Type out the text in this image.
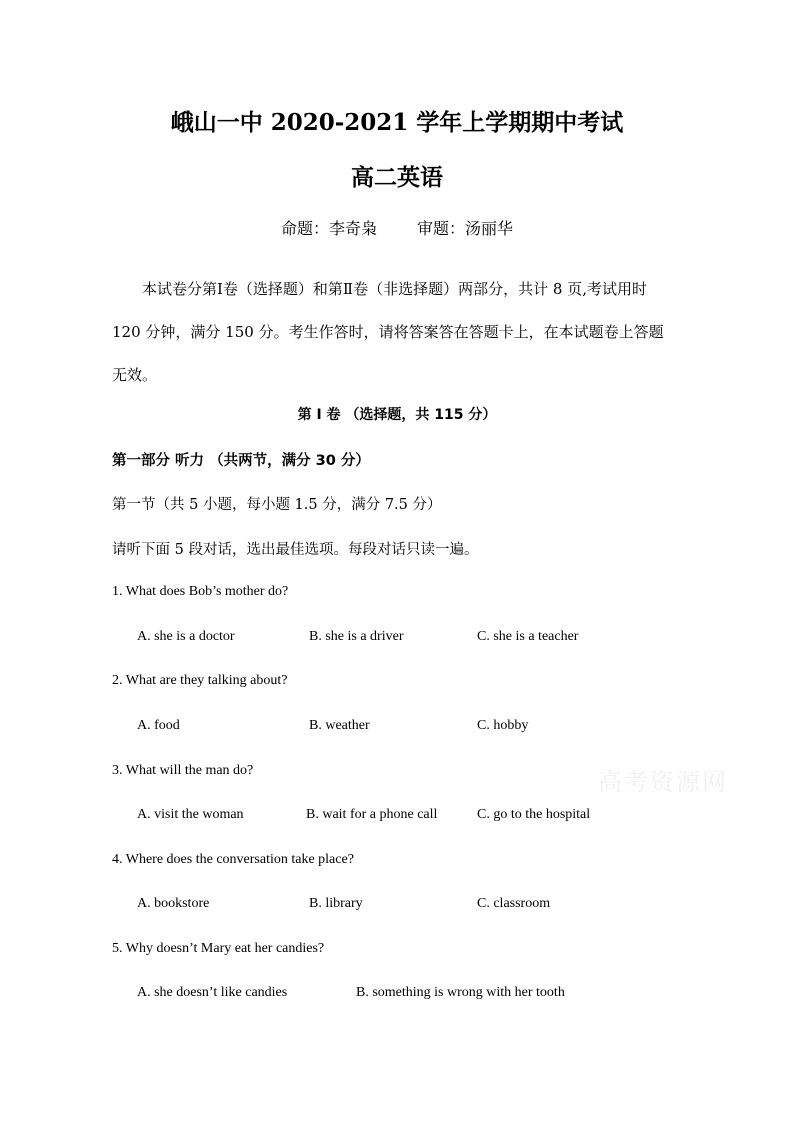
峨山一中 2020-2021 学年上学期期中考试
高二英语
命题：李奇枭	审题：汤丽华

本试卷分第Ⅰ卷（选择题）和第Ⅱ卷（非选择题）两部分，共计 8 页,考试用时 120 分钟，满分 150 分。考生作答时，请将答案答在答题卡上，在本试题卷上答题无效。

第 I 卷 （选择题，共 115 分）
第一部分 听力 （共两节，满分 30 分）
第一节（共 5 小题，每小题 1.5 分，满分 7.5 分）
请听下面 5 段对话，选出最佳选项。每段对话只读一遍。
1. What does Bob’s mother do?
A. she is a doctor	B. she is a driver	C. she is a teacher
2. What are they talking about?
A. food	B. weather	C. hobby
3. What will the man do?
A. visit the woman	B. wait for a phone call	C. go to the hospital
4. Where does the conversation take place?
A. bookstore	B. library	C. classroom
5. Why doesn’t Mary eat her candies?
A. she doesn’t like candies	B. something is wrong with her tooth
高考资源网
